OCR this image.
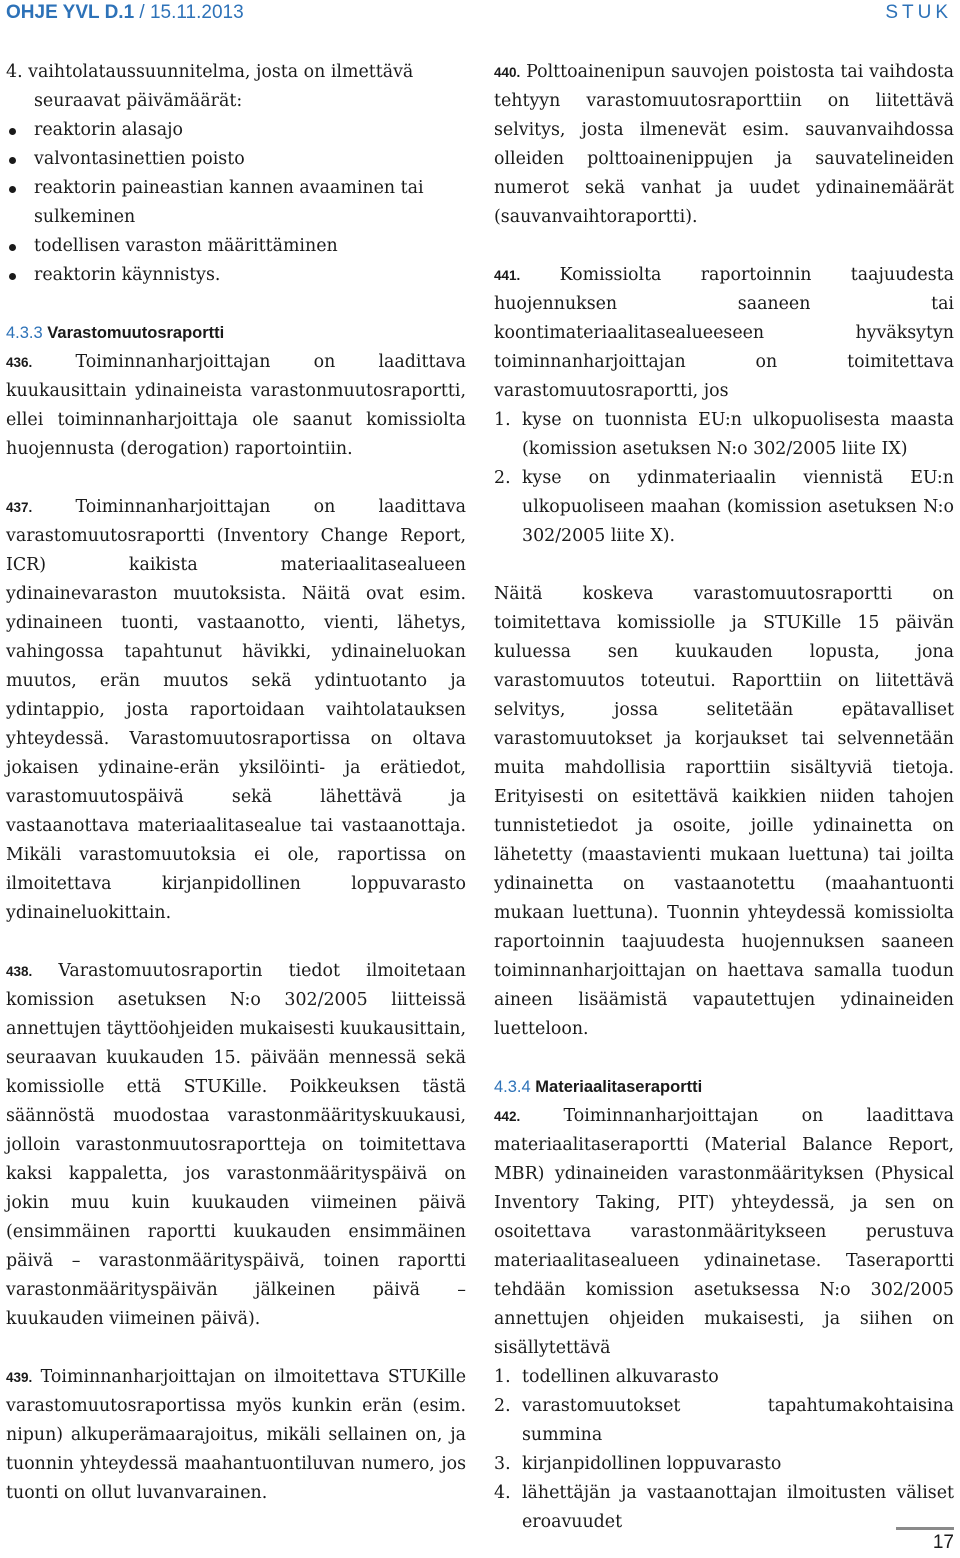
OHJE YVL D.1 / 15.11.2013	STUK

4. vaihtolataussuunnitelma, josta on ilmettävä

seuraavat päivämäärät:

reaktorin alasajo
valvontasinettien poisto
reaktorin paineastian kannen avaaminen tai sulkeminen
todellisen varaston määrittäminen
reaktorin käynnistys.

4.3.3 Varastomuutosraportti

436. Toiminnanharjoittajan on laadittava kuukausittain ydinaineista varastonmuutosraportti, ellei toiminnanharjoittaja ole saanut komissiolta huojennusta (derogation) raportointiin.

437. Toiminnanharjoittajan on laadittava varastomuutosraportti (Inventory Change Report, ICR) kaikista materiaalitasealueen ydinainevaraston muutoksista. Näitä ovat esim. ydinaineen tuonti, vastaanotto, vienti, lähetys, vahingossa tapahtunut hävikki, ydinaineluokan muutos, erän muutos sekä ydintuotanto ja ydintappio, josta raportoidaan vaihtolatauksen yhteydessä. Varastomuutosraportissa on oltava jokaisen ydinaine-erän yksilöinti- ja erätiedot, varastomuutospäivä sekä lähettävä ja vastaanottava materiaalitasealue tai vastaanottaja. Mikäli varastomuutoksia ei ole, raportissa on ilmoitettava kirjanpidollinen loppuvarasto ydinaineluokittain.

438. Varastomuutosraportin tiedot ilmoitetaan komission asetuksen N:o 302/2005 liitteissä annettujen täyttöohjeiden mukaisesti kuukausittain, seuraavan kuukauden 15. päivään mennessä sekä komissiolle että STUKille. Poikkeuksen tästä säännöstä muodostaa varastonmäärityskuukausi, jolloin varastonmuutosraportteja on toimitettava kaksi kappaletta, jos varastonmäärityspäivä on jokin muu kuin kuukauden viimeinen päivä (ensimmäinen raportti kuukauden ensimmäinen päivä – varastonmäärityspäivä, toinen raportti varastonmäärityspäivän jälkeinen päivä – kuukauden viimeinen päivä).

439. Toiminnanharjoittajan on ilmoitettava STUKille varastomuutosraportissa myös kunkin erän (esim. nipun) alkuperämaarajoitus, mikäli sellainen on, ja tuonnin yhteydessä maahantuontiluvan numero, jos tuonti on ollut luvanvarainen.

440. Polttoainenipun sauvojen poistosta tai vaihdosta tehtyyn varastomuutosraporttiin on liitettävä selvitys, josta ilmenevät esim. sauvanvaihdossa olleiden polttoainenippujen ja sauvatelineiden numerot sekä vanhat ja uudet ydinainemäärät (sauvanvaihtoraportti).

441. Komissiolta raportoinnin taajuudesta huojennuksen saaneen tai koontimateriaalitasealueeseen hyväksytyn toiminnanharjoittajan on toimitettava varastomuutosraportti, jos

1. kyse on tuonnista EU:n ulkopuolisesta maasta (komission asetuksen N:o 302/2005 liite IX)
2. kyse on ydinmateriaalin viennistä EU:n ulkopuoliseen maahan (komission asetuksen N:o 302/2005 liite X).

Näitä koskeva varastomuutosraportti on toimitettava komissiolle ja STUKille 15 päivän kuluessa sen kuukauden lopusta, jona varastomuutos toteutui. Raporttiin on liitettävä selvitys, jossa selitetään epätavalliset varastomuutokset ja korjaukset tai selvennetään muita mahdollisia raporttiin sisältyviä tietoja. Erityisesti on esitettävä kaikkien niiden tahojen tunnistetiedot ja osoite, joille ydinainetta on lähetetty (maastavienti mukaan luettuna) tai joilta ydinainetta on vastaanotettu (maahantuonti mukaan luettuna). Tuonnin yhteydessä komissiolta raportoinnin taajuudesta huojennuksen saaneen toiminnanharjoittajan on haettava samalla tuodun aineen lisäämistä vapautettujen ydinaineiden luetteloon.

4.3.4 Materiaalitaseraportti

442. Toiminnanharjoittajan on laadittava materiaalitaseraportti (Material Balance Report, MBR) ydinaineiden varastonmäärityksen (Physical Inventory Taking, PIT) yhteydessä, ja sen on osoitettava varastonmääritykseen perustuva materiaalitasealueen ydinainetase. Taseraportti tehdään komission asetuksessa N:o 302/2005 annettujen ohjeiden mukaisesti, ja siihen on sisällytettävä

1. todellinen alkuvarasto
2. varastomuutokset tapahtumakohtaisina summina
3. kirjanpidollinen loppuvarasto
4. lähettäjän ja vastaanottajan ilmoitusten väliset eroavuudet
17
